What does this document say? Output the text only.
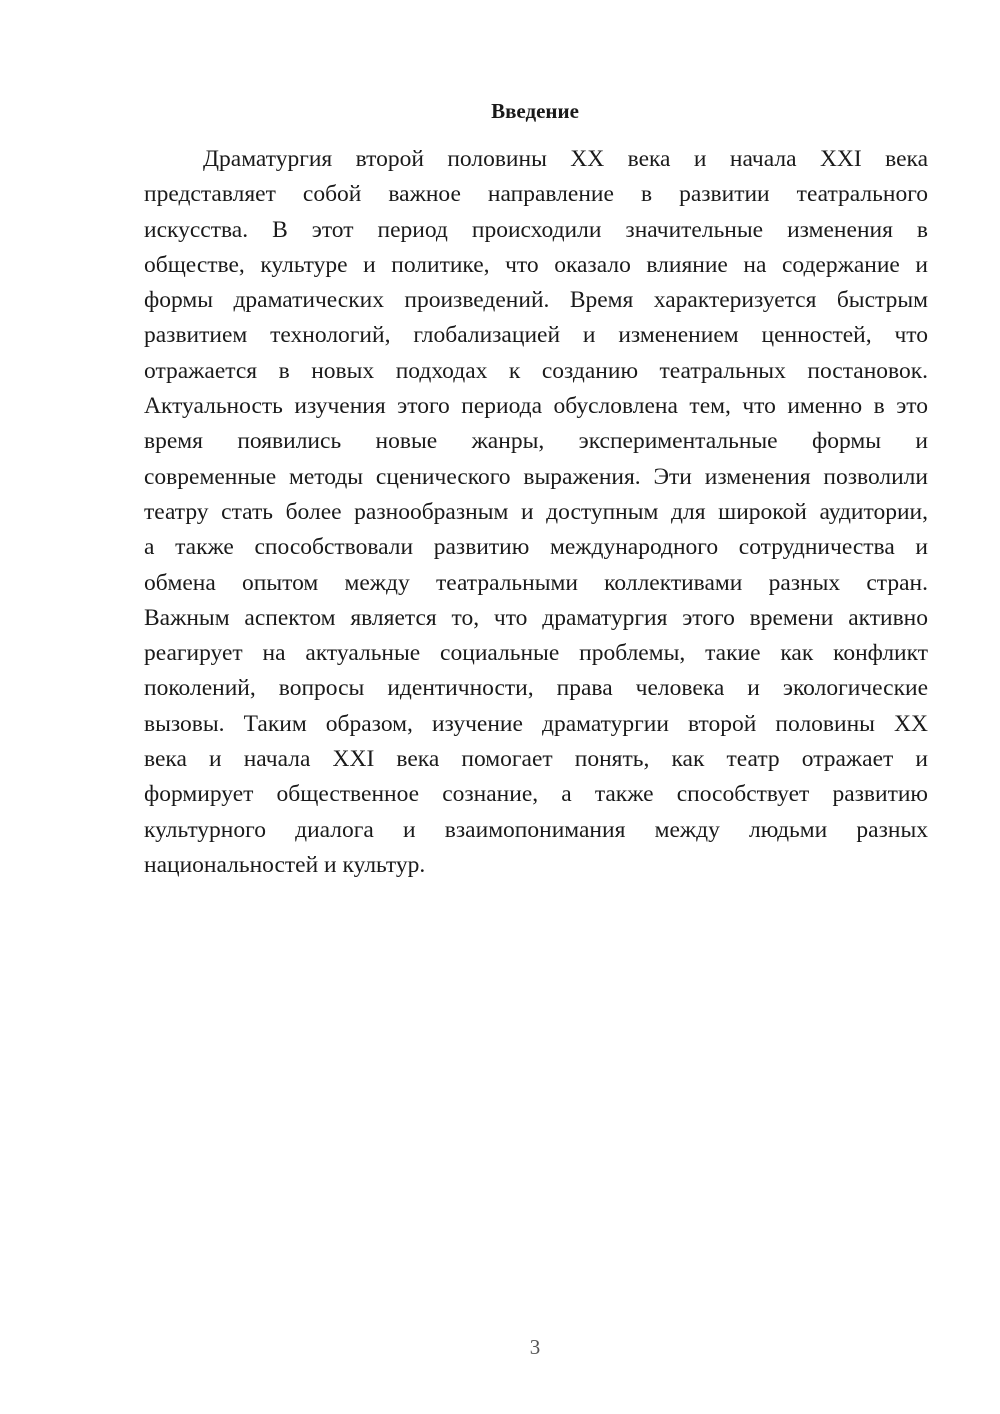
Введение
Драматургия второй половины XX века и начала XXI века
представляет собой важное направление в развитии театрального
искусства. В этот период происходили значительные изменения в
обществе, культуре и политике, что оказало влияние на содержание и
формы драматических произведений. Время характеризуется быстрым
развитием технологий, глобализацией и изменением ценностей, что
отражается в новых подходах к созданию театральных постановок.
Актуальность изучения этого периода обусловлена тем, что именно в это
время появились новые жанры, экспериментальные формы и
современные методы сценического выражения. Эти изменения позволили
театру стать более разнообразным и доступным для широкой аудитории,
а также способствовали развитию международного сотрудничества и
обмена опытом между театральными коллективами разных стран.
Важным аспектом является то, что драматургия этого времени активно
реагирует на актуальные социальные проблемы, такие как конфликт
поколений, вопросы идентичности, права человека и экологические
вызовы. Таким образом, изучение драматургии второй половины XX
века и начала XXI века помогает понять, как театр отражает и
формирует общественное сознание, а также способствует развитию
культурного диалога и взаимопонимания между людьми разных
национальностей и культур.
3
